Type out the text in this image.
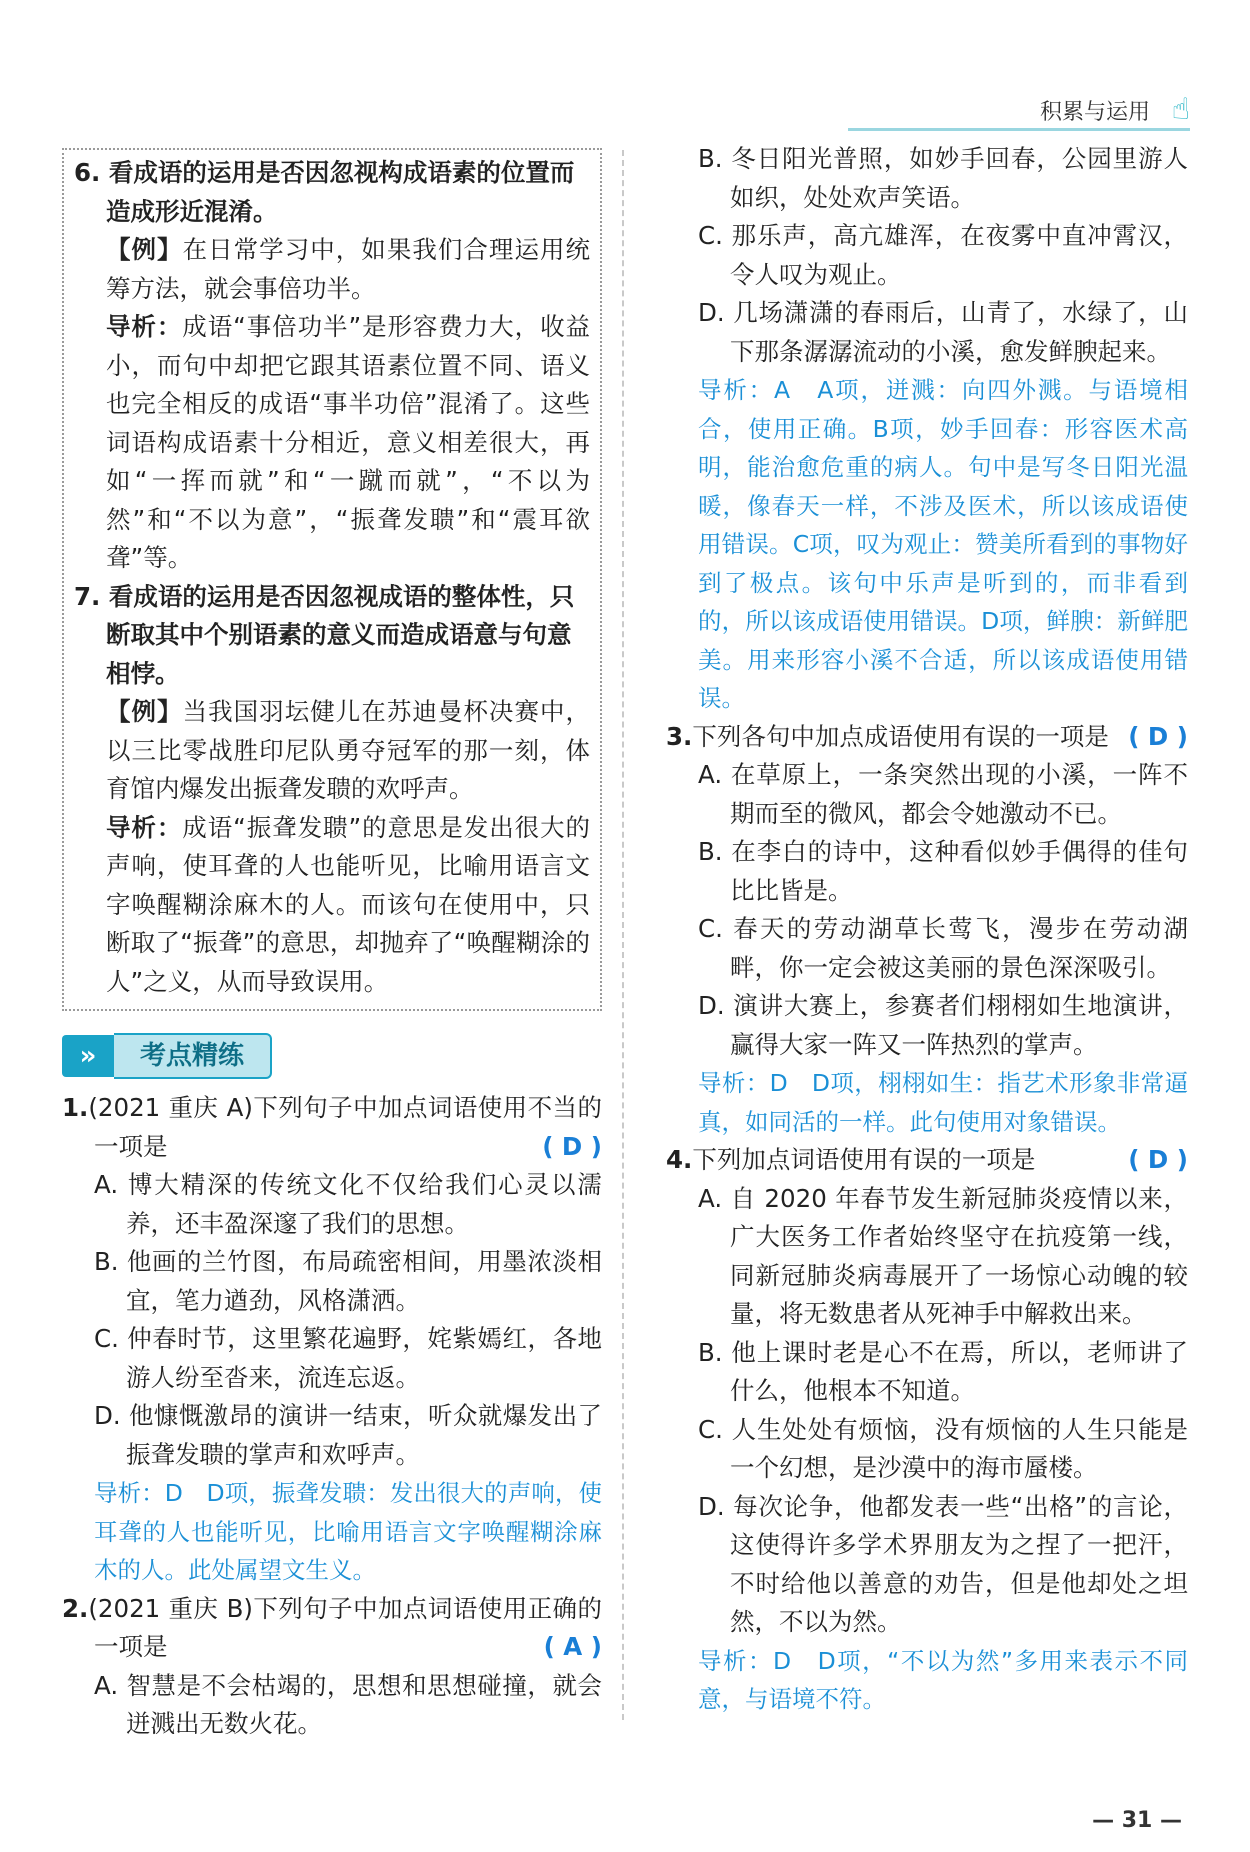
积累与运用 ☝
6. 看成语的运用是否因忽视构成语素的位置而造成形近混淆。
【例】在日常学习中，如果我们合理运用统筹方法，就会事倍功半。
导析：成语“事倍功半”是形容费力大，收益小，而句中却把它跟其语素位置不同、语义也完全相反的成语“事半功倍”混淆了。这些词语构成语素十分相近，意义相差很大，再如“一挥而就”和“一蹴而就”，“不以为然”和“不以为意”，“振聋发聩”和“震耳欲聋”等。
7. 看成语的运用是否因忽视成语的整体性，只断取其中个别语素的意义而造成语意与句意相悖。
【例】当我国羽坛健儿在苏迪曼杯决赛中，以三比零战胜印尼队勇夺冠军的那一刻，体育馆内爆发出振聋发聩的欢呼声。
导析：成语“振聋发聩”的意思是发出很大的声响，使耳聋的人也能听见，比喻用语言文字唤醒糊涂麻木的人。而该句在使用中，只断取了“振聋”的意思，却抛弃了“唤醒糊涂的人”之义，从而导致误用。
»	考点精练
1.(2021 重庆 A)下列句子中加点词语使用不当的一项是	( D )
A. 博大精深的传统文化不仅给我们心灵以濡养，还丰盈深邃了我们的思想。
B. 他画的兰竹图，布局疏密相间，用墨浓淡相宜，笔力遒劲，风格潇洒。
C. 仲春时节，这里繁花遍野，姹紫嫣红，各地游人纷至沓来，流连忘返。
D. 他慷慨激昂的演讲一结束，听众就爆发出了振聋发聩的掌声和欢呼声。
导析：D　D项，振聋发聩：发出很大的声响，使耳聋的人也能听见，比喻用语言文字唤醒糊涂麻木的人。此处属望文生义。
2.(2021 重庆 B)下列句子中加点词语使用正确的一项是	( A )
A. 智慧是不会枯竭的，思想和思想碰撞，就会迸溅出无数火花。
B. 冬日阳光普照，如妙手回春，公园里游人如织，处处欢声笑语。
C. 那乐声，高亢雄浑，在夜雾中直冲霄汉，令人叹为观止。
D. 几场潇潇的春雨后，山青了，水绿了，山下那条潺潺流动的小溪，愈发鲜腴起来。
导析：A　A项，迸溅：向四外溅。与语境相合，使用正确。B项，妙手回春：形容医术高明，能治愈危重的病人。句中是写冬日阳光温暖，像春天一样，不涉及医术，所以该成语使用错误。C项，叹为观止：赞美所看到的事物好到了极点。该句中乐声是听到的，而非看到的，所以该成语使用错误。D项，鲜腴：新鲜肥美。用来形容小溪不合适，所以该成语使用错误。
3.下列各句中加点成语使用有误的一项是 ( D )
A. 在草原上，一条突然出现的小溪，一阵不期而至的微风，都会令她激动不已。
B. 在李白的诗中，这种看似妙手偶得的佳句比比皆是。
C. 春天的劳动湖草长莺飞，漫步在劳动湖畔，你一定会被这美丽的景色深深吸引。
D. 演讲大赛上，参赛者们栩栩如生地演讲，赢得大家一阵又一阵热烈的掌声。
导析：D　D项，栩栩如生：指艺术形象非常逼真，如同活的一样。此句使用对象错误。
4.下列加点词语使用有误的一项是	( D )
A. 自 2020 年春节发生新冠肺炎疫情以来，广大医务工作者始终坚守在抗疫第一线，同新冠肺炎病毒展开了一场惊心动魄的较量，将无数患者从死神手中解救出来。
B. 他上课时老是心不在焉，所以，老师讲了什么，他根本不知道。
C. 人生处处有烦恼，没有烦恼的人生只能是一个幻想，是沙漠中的海市蜃楼。
D. 每次论争，他都发表一些“出格”的言论，这使得许多学术界朋友为之捏了一把汗，不时给他以善意的劝告，但是他却处之坦然，不以为然。
导析：D　D项，“不以为然”多用来表示不同意，与语境不符。
— 31 —
